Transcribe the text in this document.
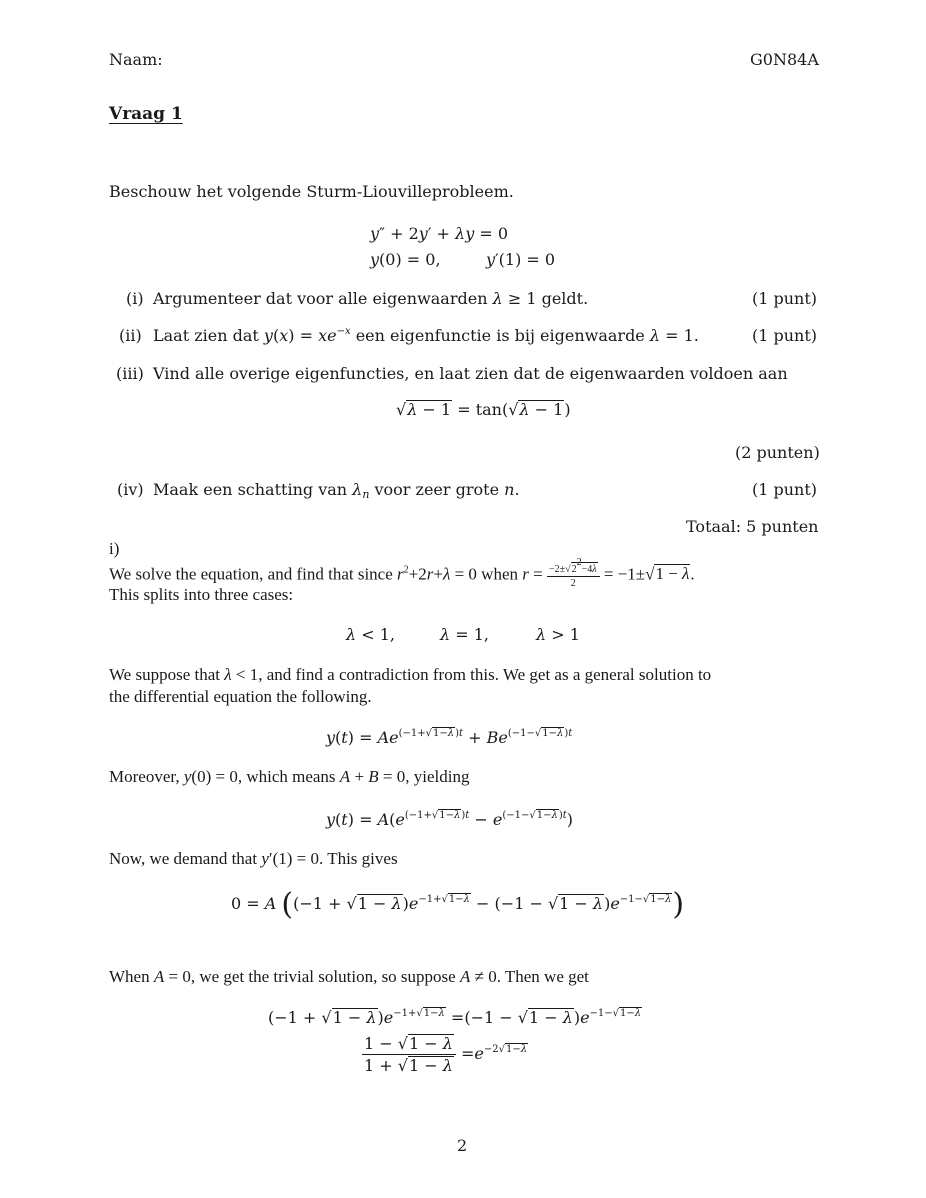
Naam:	G0N84A
Vraag 1
Beschouw het volgende Sturm-Liouvilleprobleem.
y″ + 2y′ + λy = 0
y(0) = 0,	y′(1) = 0
(i) Argumenteer dat voor alle eigenwaarden λ ≥ 1 geldt.	(1 punt)
(ii) Laat zien dat $y(x) = xe^{-x}$ een eigenfunctie is bij eigenwaarde λ = 1.	(1 punt)
(iii) Vind alle overige eigenfuncties, en laat zien dat de eigenwaarden voldoen aan
√λ − 1 = tan(√λ − 1)
(2 punten)
(iv) Maak een schatting van $\lambda_n$ voor zeer grote n.	(1 punt)
Totaal: 5 punten
i)
We solve the equation, and find that since $r^2+2r+\lambda = 0$ when $r = \frac{-2\pm√2^2-4\lambda}{2} = -1\pm√1 - \lambda$.
This splits into three cases:
λ < 1,	λ = 1,	λ > 1
We suppose that λ < 1, and find a contradiction from this. We get as a general solution to
the differential equation the following.
$y(t) = Ae^{(-1+√1-\lambda)t} + Be^{(-1-√1-\lambda)t}$
Moreover, y(0) = 0, which means A + B = 0, yielding
$y(t) = A(e^{(-1+√1-\lambda)t} - e^{(-1-√1-\lambda)t})$
Now, we demand that y′(1) = 0. This gives
0 = A $((-1 + √1 - \lambda)e^{-1+√1-\lambda} - (-1 - √1 - \lambda)e^{-1-√1-\lambda})$
When A = 0, we get the trivial solution, so suppose A ≠ 0. Then we get
$(-1 + √1 - \lambda)e^{-1+√1-\lambda} =(-1 - √1 - \lambda)e^{-1-√1-\lambda}$
$\frac{1 - √1 - \lambda}{1 + √1 - \lambda} =e^{-2√1-\lambda}$
2
